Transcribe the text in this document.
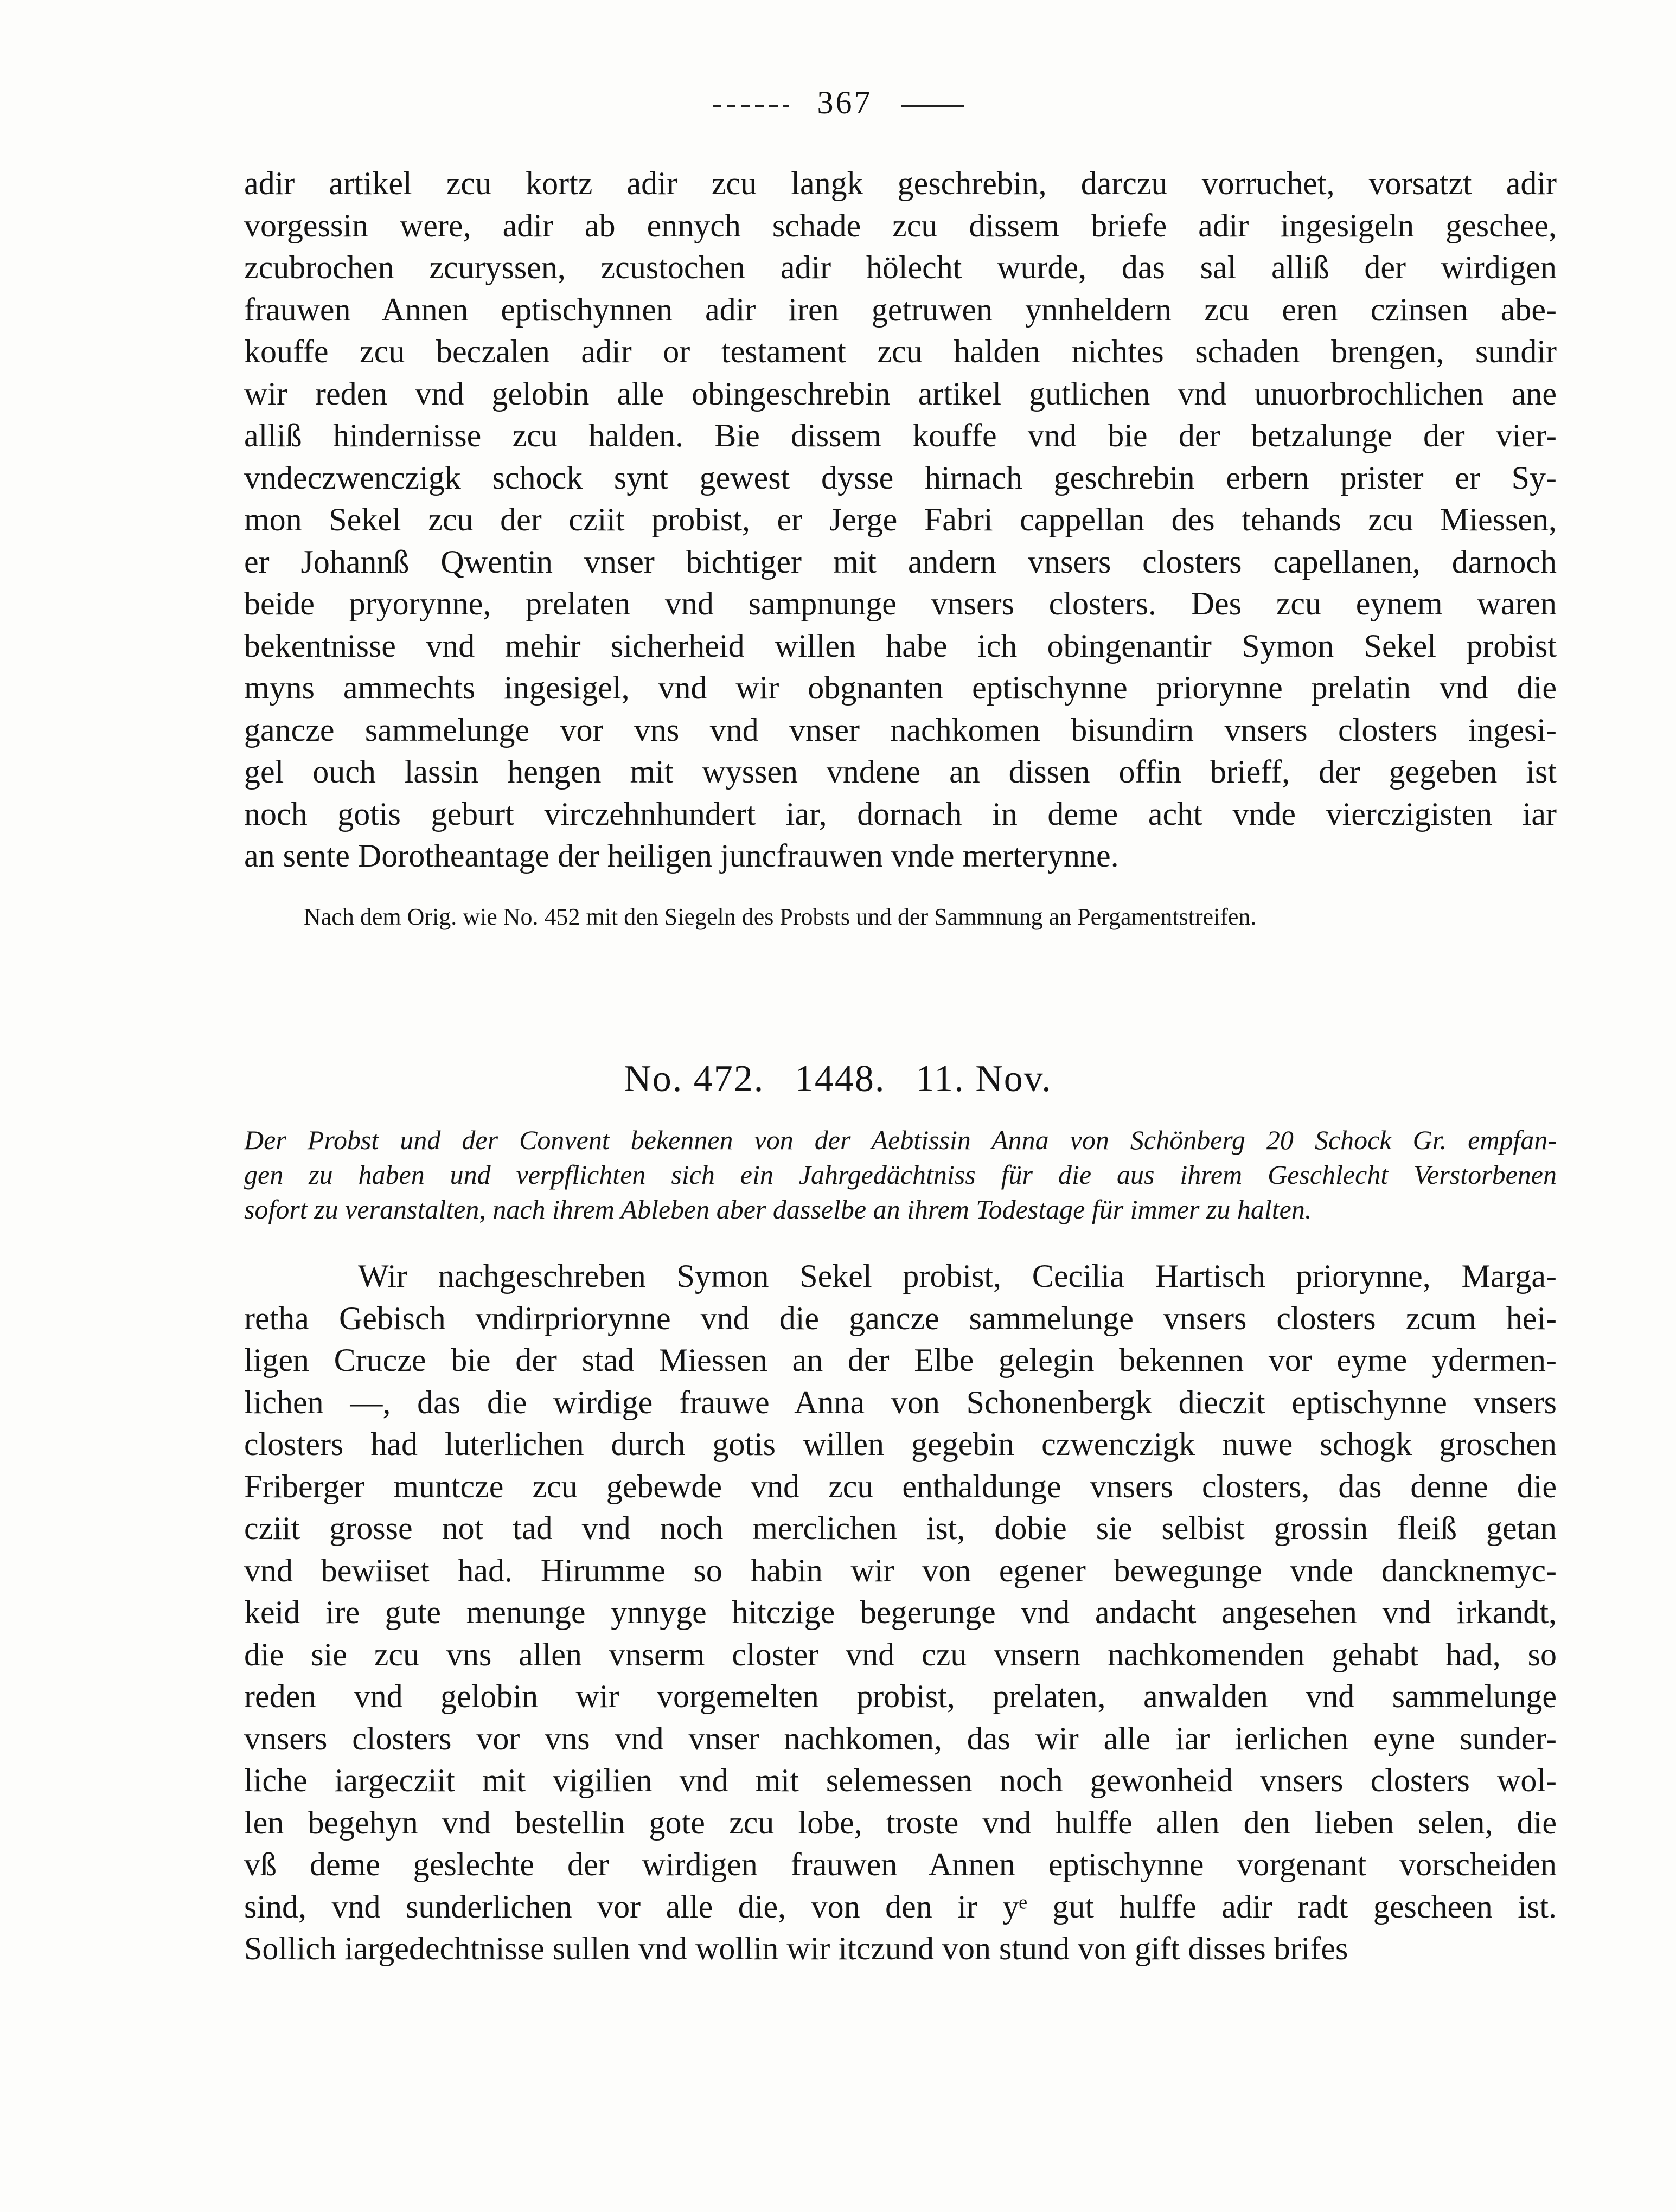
367

adir artikel zcu kortz adir zcu langk geschrebin, darczu vorruchet, vorsatzt adir
vorgessin were, adir ab ennych schade zcu dissem briefe adir ingesigeln geschee,
zcubrochen zcuryssen, zcustochen adir hölecht wurde, das sal alliß der wirdigen
frauwen Annen eptischynnen adir iren getruwen ynnheldern zcu eren czinsen abe-
kouffe zcu beczalen adir or testament zcu halden nichtes schaden brengen, sundir
wir reden vnd gelobin alle obingeschrebin artikel gutlichen vnd unuorbrochlichen ane
alliß hindernisse zcu halden. Bie dissem kouffe vnd bie der betzalunge der vier-
vndeczwenczigk schock synt gewest dysse hirnach geschrebin erbern prister er Sy-
mon Sekel zcu der cziit probist, er Jerge Fabri cappellan des tehands zcu Miessen,
er Johannß Qwentin vnser bichtiger mit andern vnsers closters capellanen, darnoch
beide pryorynne, prelaten vnd sampnunge vnsers closters. Des zcu eynem waren
bekentnisse vnd mehir sicherheid willen habe ich obingenantir Symon Sekel probist
myns ammechts ingesigel, vnd wir obgnanten eptischynne priorynne prelatin vnd die
gancze sammelunge vor vns vnd vnser nachkomen bisundirn vnsers closters ingesi-
gel ouch lassin hengen mit wyssen vndene an dissen offin brieff, der gegeben ist
noch gotis geburt virczehnhundert iar, dornach in deme acht vnde vierczigisten iar
an sente Dorotheantage der heiligen juncfrauwen vnde merterynne.

Nach dem Orig. wie No. 452 mit den Siegeln des Probsts und der Sammnung an Pergamentstreifen.
No. 472. 1448. 11. Nov.
Der Probst und der Convent bekennen von der Aebtissin Anna von Schönberg 20 Schock Gr. empfan-
gen zu haben und verpflichten sich ein Jahrgedächtniss für die aus ihrem Geschlecht Verstorbenen
sofort zu veranstalten, nach ihrem Ableben aber dasselbe an ihrem Todestage für immer zu halten.

Wir nachgeschreben Symon Sekel probist, Cecilia Hartisch priorynne, Marga-
retha Gebisch vndirpriorynne vnd die gancze sammelunge vnsers closters zcum hei-
ligen Crucze bie der stad Miessen an der Elbe gelegin bekennen vor eyme ydermen-
lichen —, das die wirdige frauwe Anna von Schonenbergk dieczit eptischynne vnsers
closters had luterlichen durch gotis willen gegebin czwenczigk nuwe schogk groschen
Friberger muntcze zcu gebewde vnd zcu enthaldunge vnsers closters, das denne die
cziit grosse not tad vnd noch merclichen ist, dobie sie selbist grossin fleiß getan
vnd bewiiset had. Hirumme so habin wir von egener bewegunge vnde dancknemyc-
keid ire gute menunge ynnyge hitczige begerunge vnd andacht angesehen vnd irkandt,
die sie zcu vns allen vnserm closter vnd czu vnsern nachkomenden gehabt had, so
reden vnd gelobin wir vorgemelten probist, prelaten, anwalden vnd sammelunge
vnsers closters vor vns vnd vnser nachkomen, das wir alle iar ierlichen eyne sunder-
liche iargecziit mit vigilien vnd mit selemessen noch gewonheid vnsers closters wol-
len begehyn vnd bestellin gote zcu lobe, troste vnd hulffe allen den lieben selen, die
vß deme geslechte der wirdigen frauwen Annen eptischynne vorgenant vorscheiden
sind, vnd sunderlichen vor alle die, von den ir yᵉ gut hulffe adir radt gescheen ist.
Sollich iargedechtnisse sullen vnd wollin wir itczund von stund von gift disses brifes
